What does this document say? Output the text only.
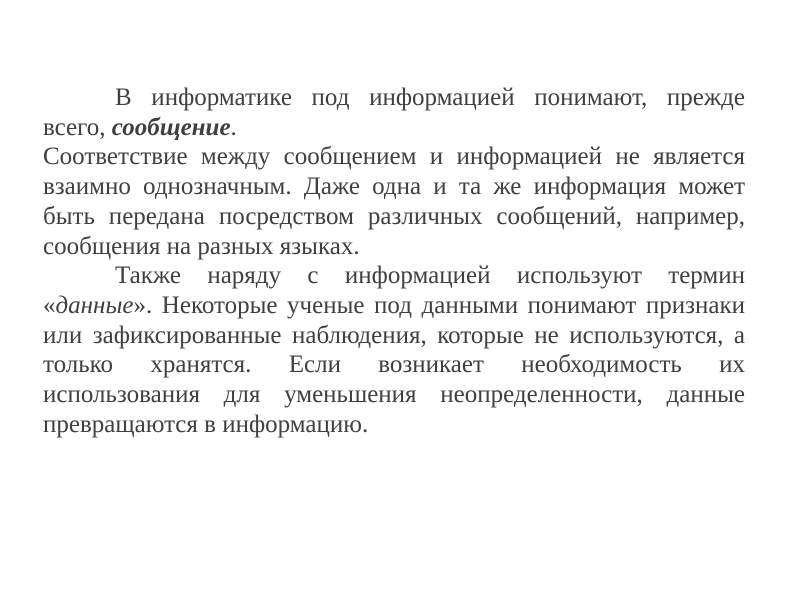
В информатике под информацией понимают, прежде всего, сообщение.

Соответствие между сообщением и информацией не является взаимно однозначным. Даже одна и та же информация может быть передана посредством различных сообщений, например, сообщения на разных языках.

Также наряду с информацией используют термин «данные». Некоторые ученые под данными понимают признаки или зафиксированные наблюдения, которые не используются, а только хранятся. Если возникает необходимость их использования для уменьшения неопределенности, данные превращаются в информацию.
